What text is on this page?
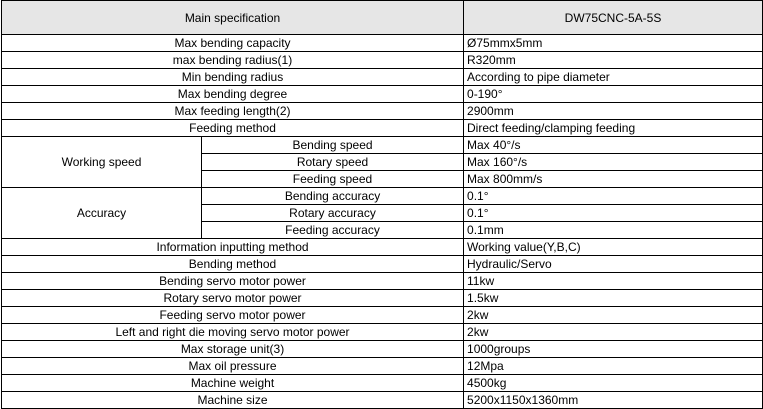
Main specification		DW75CNC-5A-5S
Max bending capacity		Ø75mmx5mm
max bending radius(1)		R320mm
Min bending radius		According to pipe diameter
Max bending degree		0-190°
Max feeding length(2)		2900mm
Feeding method		Direct feeding/clamping feeding
Working speed	Bending speed	Max 40°/s
	Rotary speed	Max 160°/s
	Feeding speed	Max 800mm/s
Accuracy	Bending accuracy	0.1°
	Rotary accuracy	0.1°
	Feeding accuracy	0.1mm
Information inputting method		Working value(Y,B,C)
Bending method		Hydraulic/Servo
Bending servo motor power		11kw
Rotary servo motor power		1.5kw
Feeding servo motor power		2kw
Left and right die moving servo motor power		2kw
Max storage unit(3)		1000groups
Max oil pressure		12Mpa
Machine weight		4500kg
Machine size		5200x1150x1360mm
